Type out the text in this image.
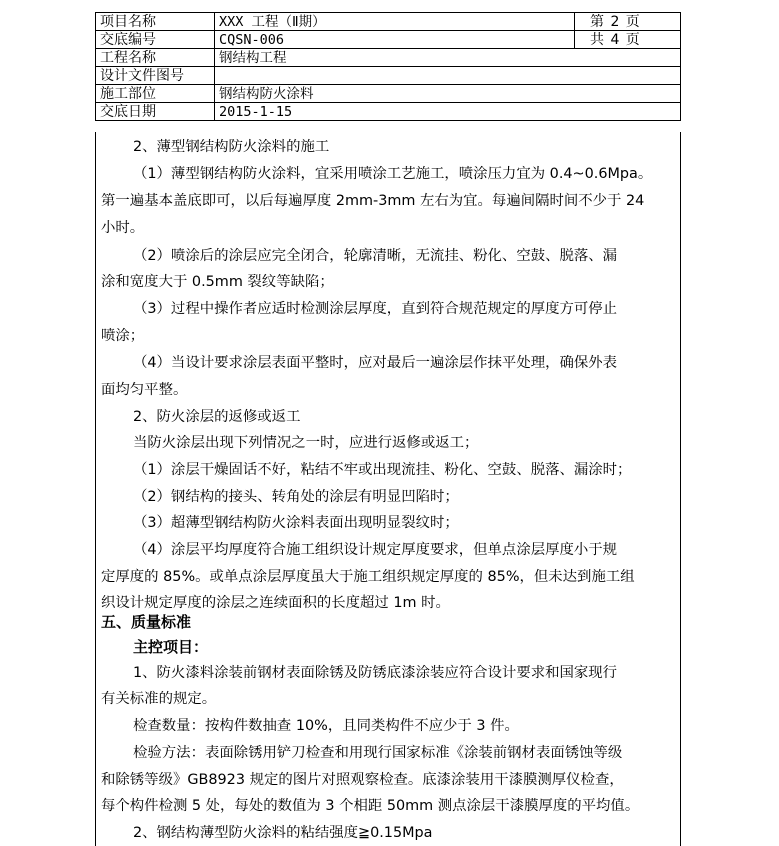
项目名称	XXX 工程（Ⅱ期）	第 2 页
交底编号	CQSN-006	共 4 页
工程名称	钢结构工程	
设计文件图号		
施工部位	钢结构防火涂料	
交底日期	2015-1-15	
2、薄型钢结构防火涂料的施工
（1）薄型钢结构防火涂料，宜采用喷涂工艺施工，喷涂压力宜为 0.4~0.6Mpa。
第一遍基本盖底即可，以后每遍厚度 2mm-3mm 左右为宜。每遍间隔时间不少于 24
小时。
（2）喷涂后的涂层应完全闭合，轮廓清晰，无流挂、粉化、空鼓、脱落、漏
涂和宽度大于 0.5mm 裂纹等缺陷；
（3）过程中操作者应适时检测涂层厚度，直到符合规范规定的厚度方可停止
喷涂；
（4）当设计要求涂层表面平整时，应对最后一遍涂层作抹平处理，确保外表
面均匀平整。
2、防火涂层的返修或返工
当防火涂层出现下列情况之一时，应进行返修或返工；
（1）涂层干燥固话不好，粘结不牢或出现流挂、粉化、空鼓、脱落、漏涂时；
（2）钢结构的接头、转角处的涂层有明显凹陷时；
（3）超薄型钢结构防火涂料表面出现明显裂纹时；
（4）涂层平均厚度符合施工组织设计规定厚度要求，但单点涂层厚度小于规
定厚度的 85%。或单点涂层厚度虽大于施工组织规定厚度的 85%，但未达到施工组
织设计规定厚度的涂层之连续面积的长度超过 1m 时。
五、质量标准
主控项目：
1、防火漆料涂装前钢材表面除锈及防锈底漆涂装应符合设计要求和国家现行
有关标准的规定。
检查数量：按构件数抽查 10%，且同类构件不应少于 3 件。
检验方法：表面除锈用铲刀检查和用现行国家标准《涂装前钢材表面锈蚀等级
和除锈等级》GB8923 规定的图片对照观察检查。底漆涂装用干漆膜测厚仪检查，
每个构件检测 5 处，每处的数值为 3 个相距 50mm 测点涂层干漆膜厚度的平均值。
2、钢结构薄型防火涂料的粘结强度≧0.15Mpa
